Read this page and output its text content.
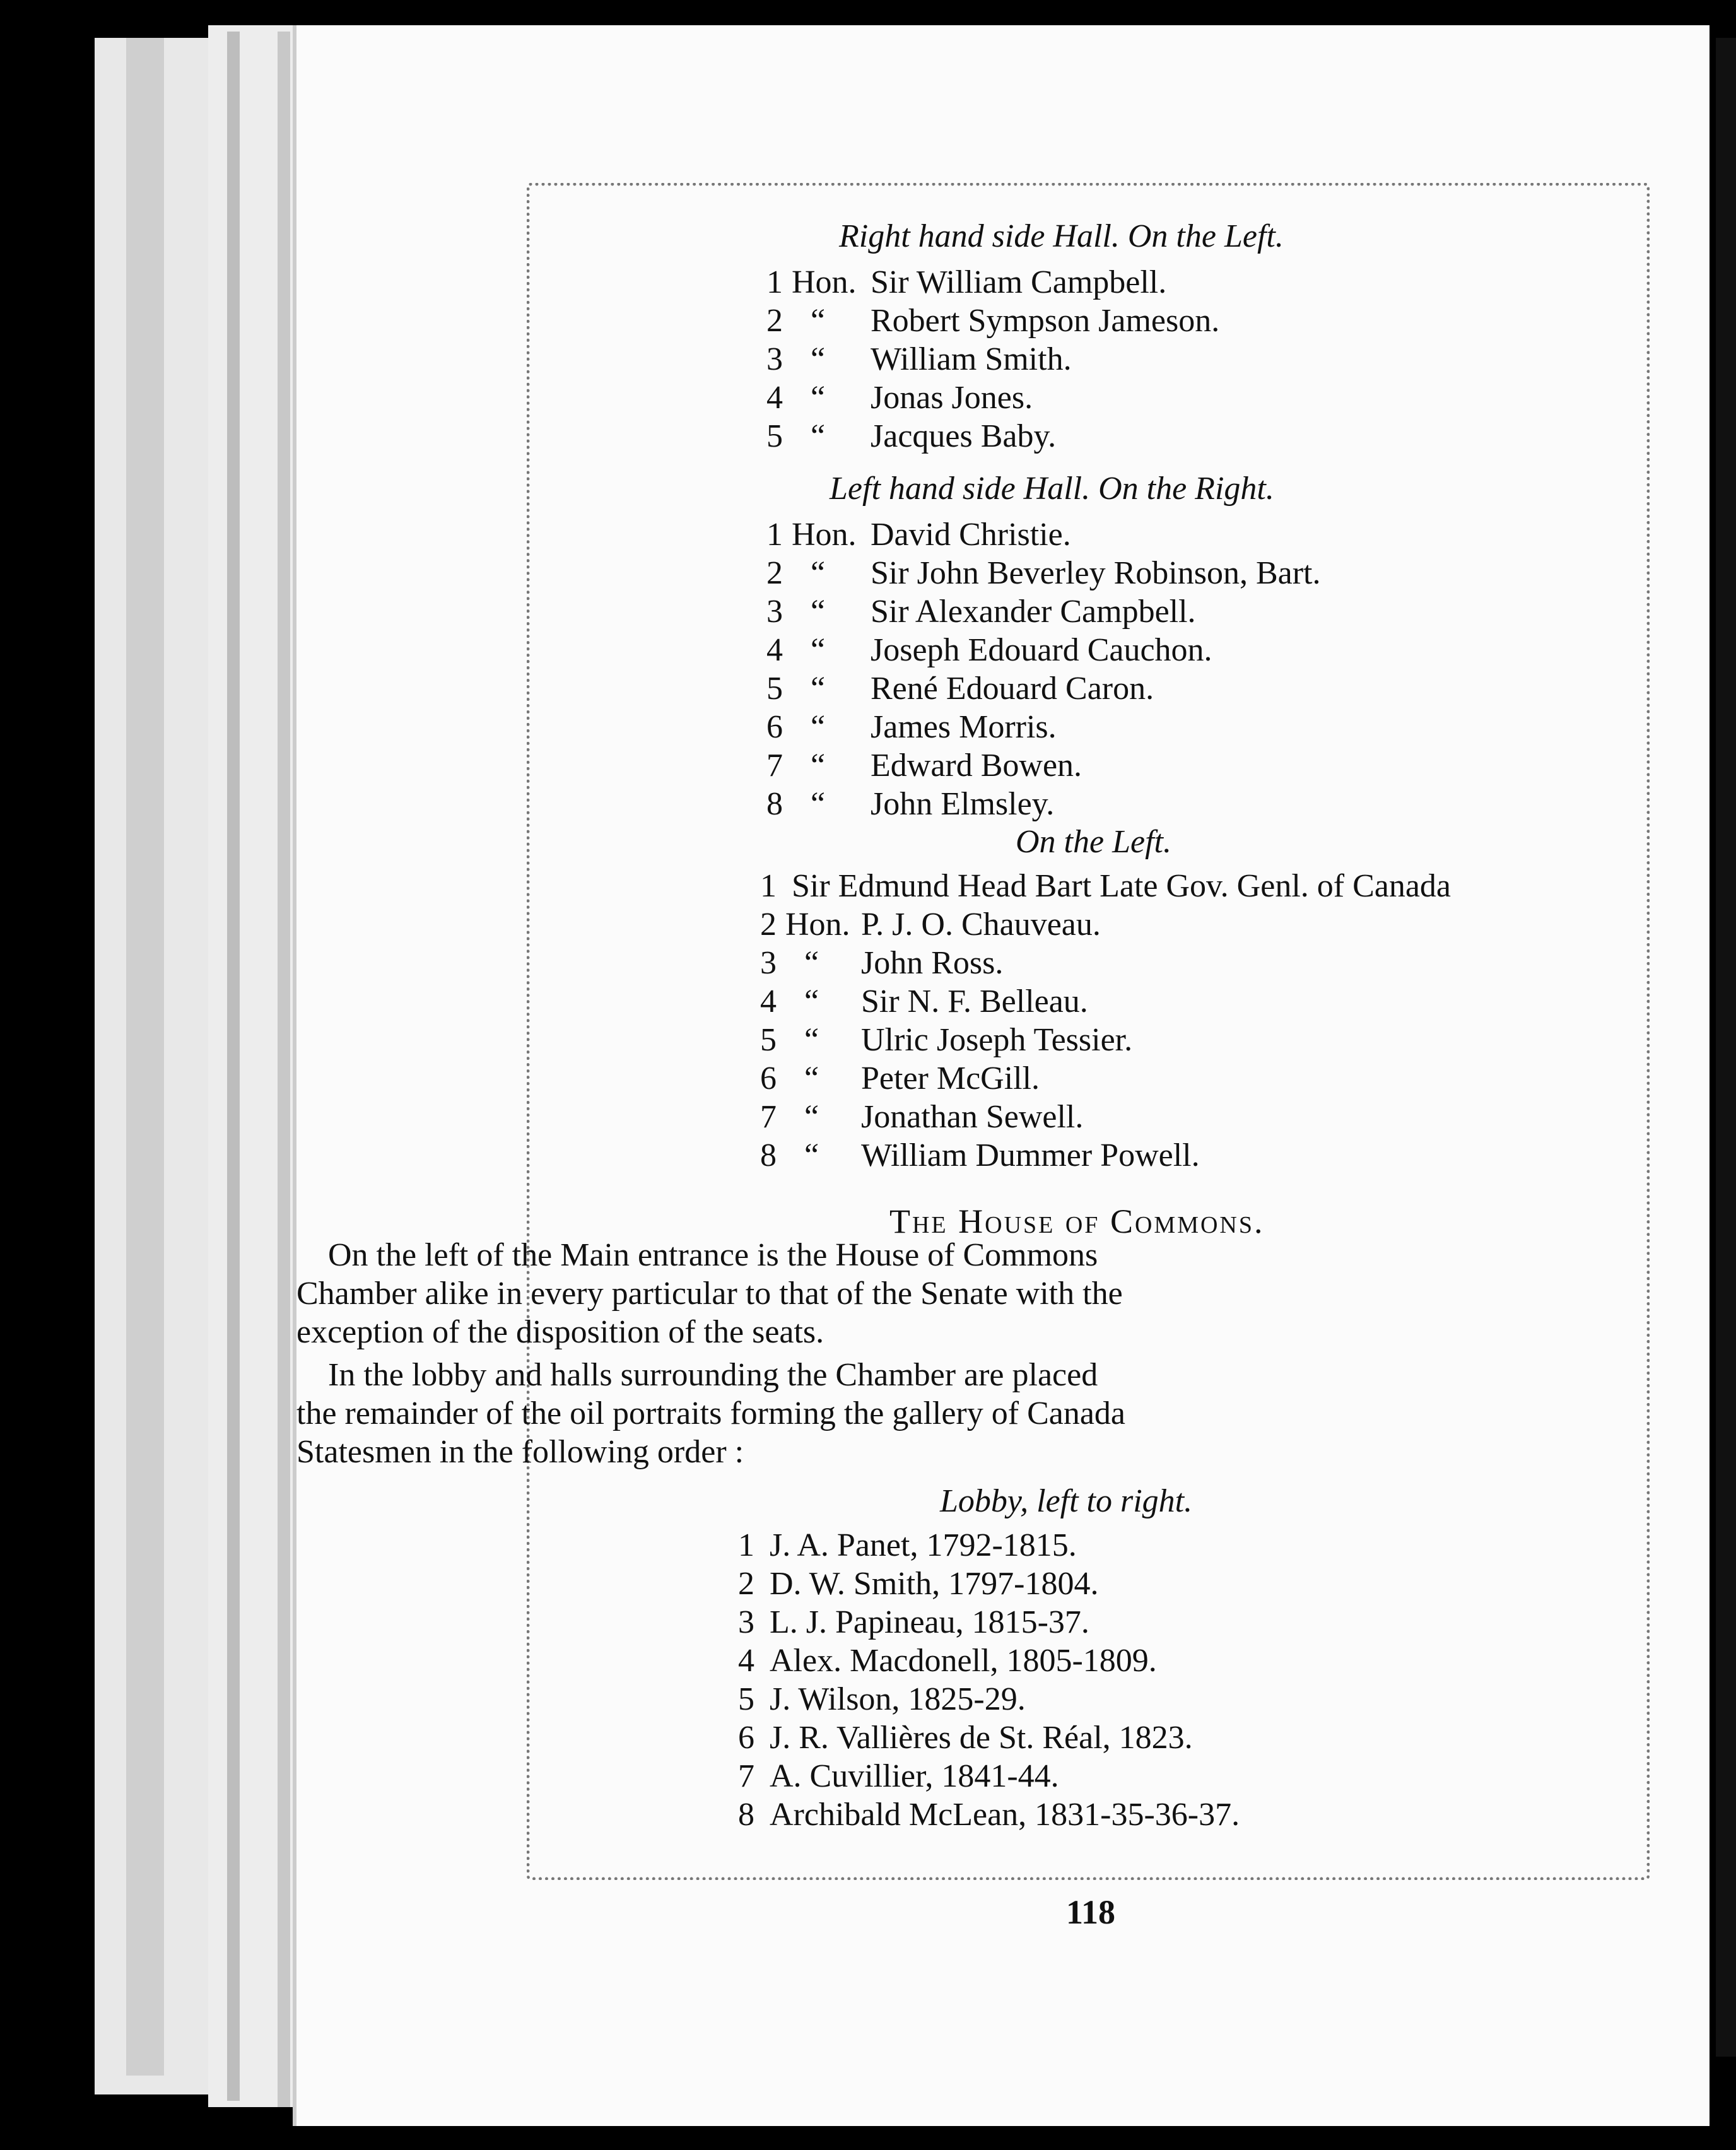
Right hand side Hall. On the Left.
1 Hon. Sir William Campbell.
2 “ Robert Sympson Jameson.
3 “ William Smith.
4 “ Jonas Jones.
5 “ Jacques Baby.
Left hand side Hall. On the Right.
1 Hon. David Christie.
2 “ Sir John Beverley Robinson, Bart.
3 “ Sir Alexander Campbell.
4 “ Joseph Edouard Cauchon.
5 “ René Edouard Caron.
6 “ James Morris.
7 “ Edward Bowen.
8 “ John Elmsley.
On the Left.
1 Sir Edmund Head Bart Late Gov. Genl. of Canada
2 Hon. P. J. O. Chauveau.
3 “ John Ross.
4 “ Sir N. F. Belleau.
5 “ Ulric Joseph Tessier.
6 “ Peter McGill.
7 “ Jonathan Sewell.
8 “ William Dummer Powell.
The House of Commons.
On the left of the Main entrance is the House of Commons
Chamber alike in every particular to that of the Senate with the
exception of the disposition of the seats.
In the lobby and halls surrounding the Chamber are placed
the remainder of the oil portraits forming the gallery of Canada
Statesmen in the following order :
Lobby, left to right.
1 J. A. Panet, 1792-1815.
2 D. W. Smith, 1797-1804.
3 L. J. Papineau, 1815-37.
4 Alex. Macdonell, 1805-1809.
5 J. Wilson, 1825-29.
6 J. R. Vallières de St. Réal, 1823.
7 A. Cuvillier, 1841-44.
8 Archibald McLean, 1831-35-36-37.
118
